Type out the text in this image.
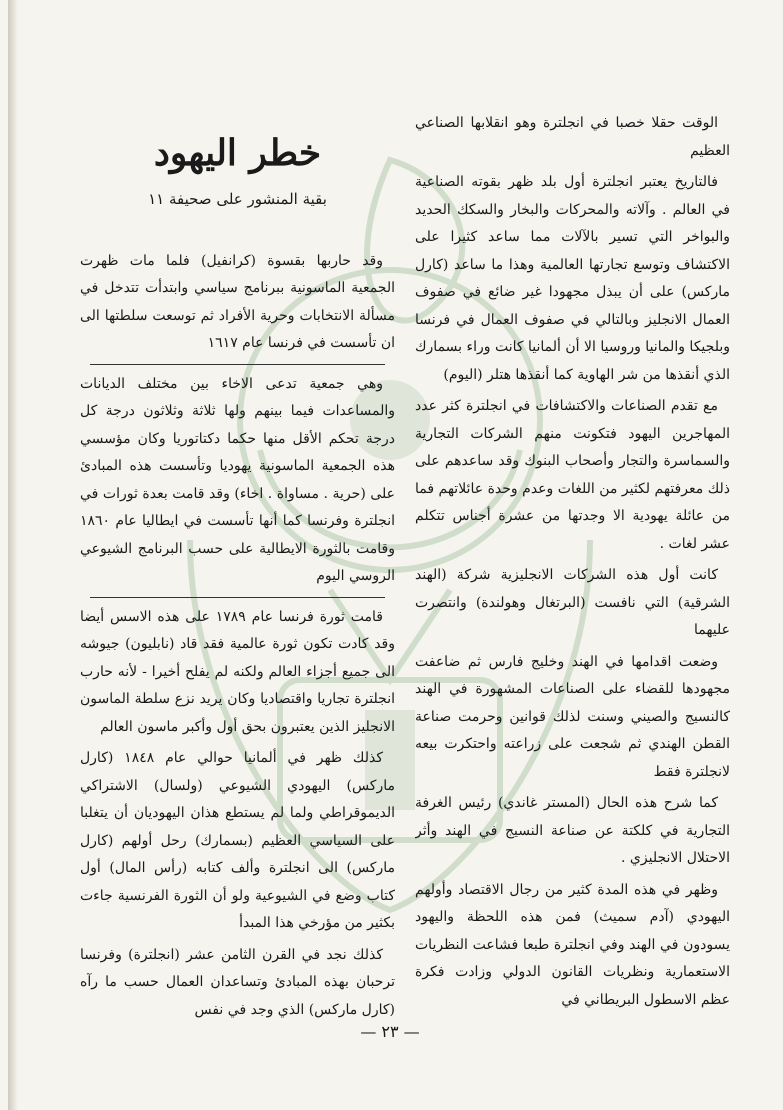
خطر اليهود
بقية المنشور على صحيفة ١١

وقد حاربها بقسوة (كرانفيل) فلما مات ظهرت الجمعية الماسونية ببرنامج سياسي وابتدأت تتدخل في مسألة الانتخابات وحرية الأفراد ثم توسعت سلطتها الى ان تأسست في فرنسا عام ١٦١٧

وهي جمعية تدعى الاخاء بين مختلف الديانات والمساعدات فيما بينهم ولها ثلاثة وثلاثون درجة كل درجة تحكم الأقل منها حكما دكتاتوريا وكان مؤسسي هذه الجمعية الماسونية يهوديا وتأسست هذه المبادئ على (حرية . مساواة . اخاء) وقد قامت بعدة ثورات في انجلترة وفرنسا كما أنها تأسست في ايطاليا عام ١٨٦٠ وقامت بالثورة الايطالية على حسب البرنامج الشيوعي الروسي اليوم

قامت ثورة فرنسا عام ١٧٨٩ على هذه الاسس أيضا وقد كادت تكون ثورة عالمية فقد قاد (نابليون) جيوشه الى جميع أجزاء العالم ولكنه لم يفلح أخيرا - لأنه حارب انجلترة تجاريا واقتصاديا وكان يريد نزع سلطة الماسون الانجليز الذين يعتبرون بحق أول وأكبر ماسون العالم

كذلك ظهر في ألمانيا حوالي عام ١٨٤٨ (كارل ماركس) اليهودي الشيوعي (ولسال) الاشتراكي الديموقراطي ولما لم يستطع هذان اليهوديان أن يتغلبا على السياسي العظيم (بسمارك) رحل أولهم (كارل ماركس) الى انجلترة وألف كتابه (رأس المال) أول كتاب وضع في الشيوعية ولو أن الثورة الفرنسية جاءت بكثير من مؤرخي هذا المبدأ

كذلك نجد في القرن الثامن عشر (انجلترة) وفرنسا ترحبان بهذه المبادئ وتساعدان العمال حسب ما رآه (كارل ماركس) الذي وجد في نفس

الوقت حقلا خصبا في انجلترة وهو انقلابها الصناعي العظيم

فالتاريخ يعتبر انجلترة أول بلد ظهر بقوته الصناعية في العالم . وآلاته والمحركات والبخار والسكك الحديد والبواخر التي تسير بالآلات مما ساعد كثيرا على الاكتشاف وتوسع تجارتها العالمية وهذا ما ساعد (كارل ماركس) على أن يبذل مجهودا غير ضائع في صفوف العمال الانجليز وبالتالي في صفوف العمال في فرنسا وبلجيكا والمانيا وروسيا الا أن ألمانيا كانت وراء بسمارك الذي أنقذها من شر الهاوية كما أنقذها هتلر (اليوم)

مع تقدم الصناعات والاكتشافات في انجلترة كثر عدد المهاجرين اليهود فتكونت منهم الشركات التجارية والسماسرة والتجار وأصحاب البنوك وقد ساعدهم على ذلك معرفتهم لكثير من اللغات وعدم وحدة عائلاتهم فما من عائلة يهودية الا وجدتها من عشرة أجناس تتكلم عشر لغات .

كانت أول هذه الشركات الانجليزية شركة (الهند الشرقية) التي نافست (البرتغال وهولندة) وانتصرت عليهما

وضعت اقدامها في الهند وخليج فارس ثم ضاعفت مجهودها للقضاء على الصناعات المشهورة في الهند كالنسيج والصيني وسنت لذلك قوانين وحرمت صناعة القطن الهندي ثم شجعت على زراعته واحتكرت بيعه لانجلترة فقط

كما شرح هذه الحال (المستر غاندي) رئيس الغرفة التجارية في كلكتة عن صناعة النسيج في الهند وأثر الاحتلال الانجليزي .

وظهر في هذه المدة كثير من رجال الاقتصاد وأولهم اليهودي (آدم سميث) فمن هذه اللحظة واليهود يسودون في الهند وفي انجلترة طبعا فشاعت النظريات الاستعمارية ونظريات القانون الدولي وزادت فكرة عظم الاسطول البريطاني في

— ٢٣ —
